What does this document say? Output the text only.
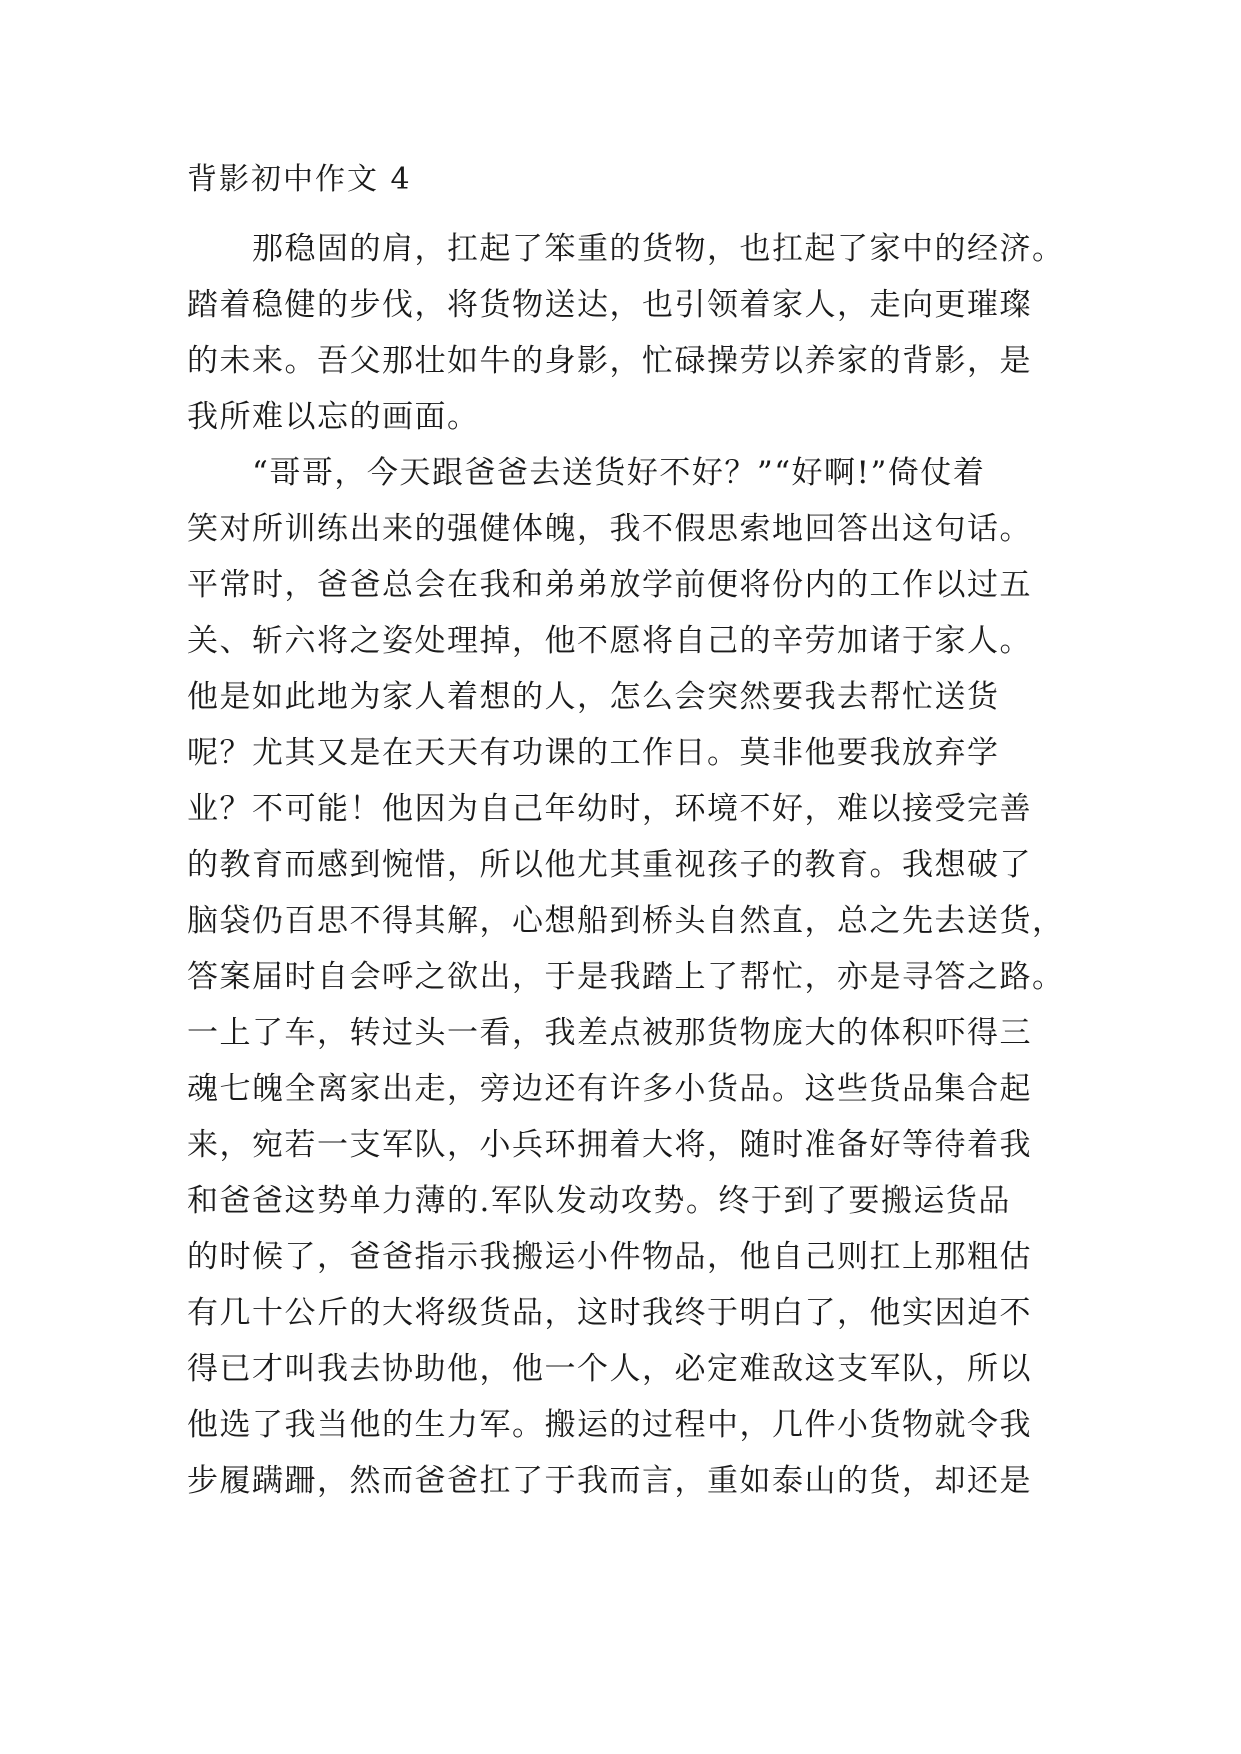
背影初中作文 4
　　那稳固的肩，扛起了笨重的货物，也扛起了家中的经济。
踏着稳健的步伐，将货物送达，也引领着家人，走向更璀璨
的未来。吾父那壮如牛的身影，忙碌操劳以养家的背影，是
我所难以忘的画面。
　　“哥哥，今天跟爸爸去送货好不好？”“好啊!”倚仗着
笑对所训练出来的强健体魄，我不假思索地回答出这句话。
平常时，爸爸总会在我和弟弟放学前便将份内的工作以过五
关、斩六将之姿处理掉，他不愿将自己的辛劳加诸于家人。
他是如此地为家人着想的人，怎么会突然要我去帮忙送货
呢？尤其又是在天天有功课的工作日。莫非他要我放弃学
业？不可能！他因为自己年幼时，环境不好，难以接受完善
的教育而感到惋惜，所以他尤其重视孩子的教育。我想破了
脑袋仍百思不得其解，心想船到桥头自然直，总之先去送货，
答案届时自会呼之欲出，于是我踏上了帮忙，亦是寻答之路。
一上了车，转过头一看，我差点被那货物庞大的体积吓得三
魂七魄全离家出走，旁边还有许多小货品。这些货品集合起
来，宛若一支军队，小兵环拥着大将，随时准备好等待着我
和爸爸这势单力薄的.军队发动攻势。终于到了要搬运货品
的时候了，爸爸指示我搬运小件物品，他自己则扛上那粗估
有几十公斤的大将级货品，这时我终于明白了，他实因迫不
得已才叫我去协助他，他一个人，必定难敌这支军队，所以
他选了我当他的生力军。搬运的过程中，几件小货物就令我
步履蹒跚，然而爸爸扛了于我而言，重如泰山的货，却还是
